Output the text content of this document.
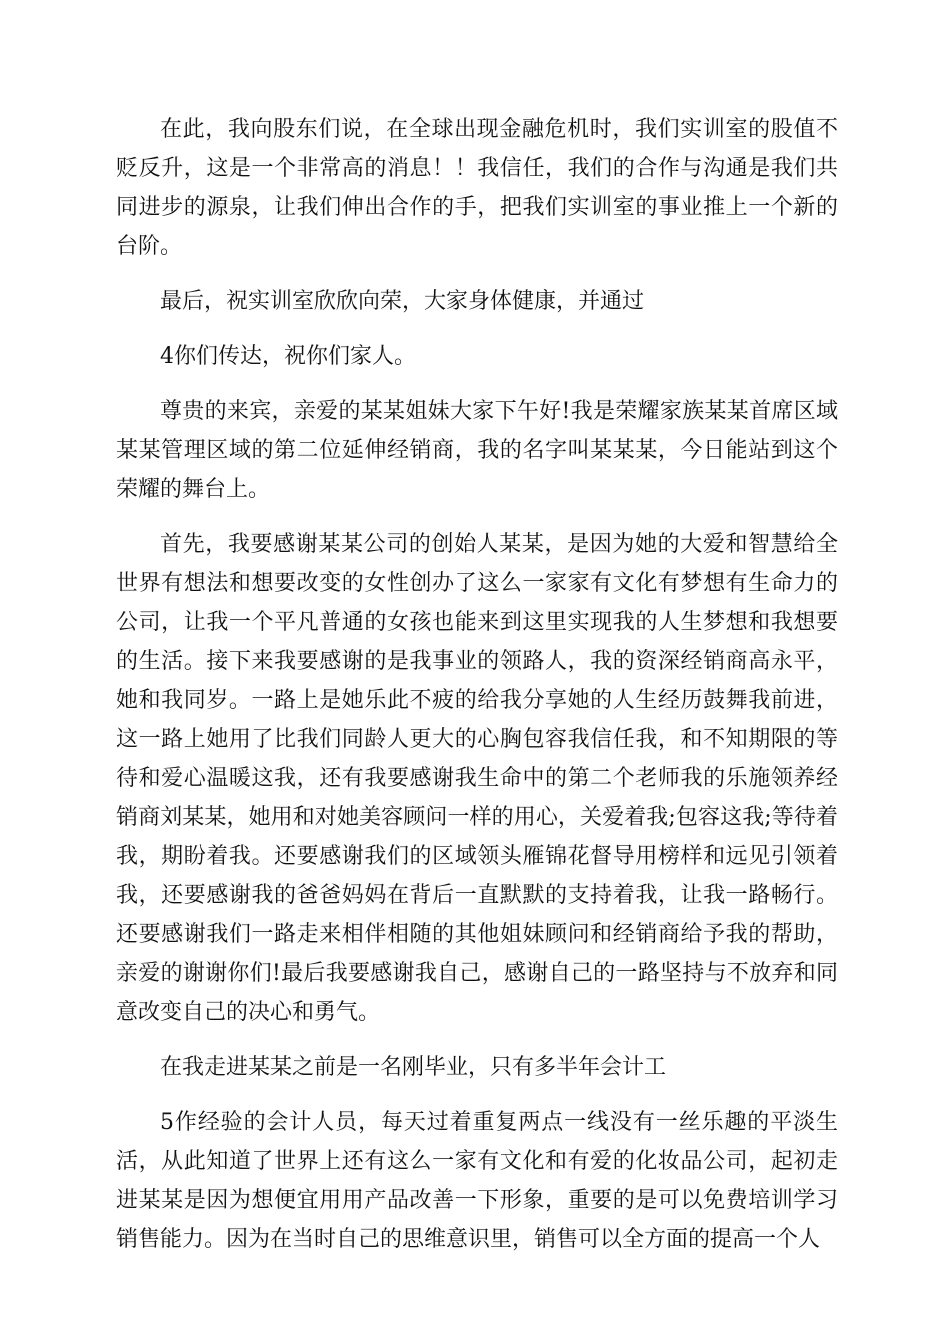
在此，我向股东们说，在全球出现金融危机时，我们实训室的股值不贬反升，这是一个非常高的消息！！我信任，我们的合作与沟通是我们共同进步的源泉，让我们伸出合作的手，把我们实训室的事业推上一个新的台阶。

最后，祝实训室欣欣向荣，大家身体健康，并通过

4你们传达，祝你们家人。

尊贵的来宾，亲爱的某某姐妹大家下午好!我是荣耀家族某某首席区域某某管理区域的第二位延伸经销商，我的名字叫某某某，今日能站到这个荣耀的舞台上。

首先，我要感谢某某公司的创始人某某，是因为她的大爱和智慧给全世界有想法和想要改变的女性创办了这么一家家有文化有梦想有生命力的公司，让我一个平凡普通的女孩也能来到这里实现我的人生梦想和我想要的生活。接下来我要感谢的是我事业的领路人，我的资深经销商高永平，她和我同岁。一路上是她乐此不疲的给我分享她的人生经历鼓舞我前进，这一路上她用了比我们同龄人更大的心胸包容我信任我，和不知期限的等待和爱心温暖这我，还有我要感谢我生命中的第二个老师我的乐施领养经销商刘某某，她用和对她美容顾问一样的用心，关爱着我;包容这我;等待着我，期盼着我。还要感谢我们的区域领头雁锦花督导用榜样和远见引领着我，还要感谢我的爸爸妈妈在背后一直默默的支持着我，让我一路畅行。还要感谢我们一路走来相伴相随的其他姐妹顾问和经销商给予我的帮助，亲爱的谢谢你们!最后我要感谢我自己，感谢自己的一路坚持与不放弃和同意改变自己的决心和勇气。

在我走进某某之前是一名刚毕业，只有多半年会计工

5作经验的会计人员，每天过着重复两点一线没有一丝乐趣的平淡生活，从此知道了世界上还有这么一家有文化和有爱的化妆品公司，起初走进某某是因为想便宜用用产品改善一下形象，重要的是可以免费培训学习销售能力。因为在当时自己的思维意识里，销售可以全方面的提高一个人
